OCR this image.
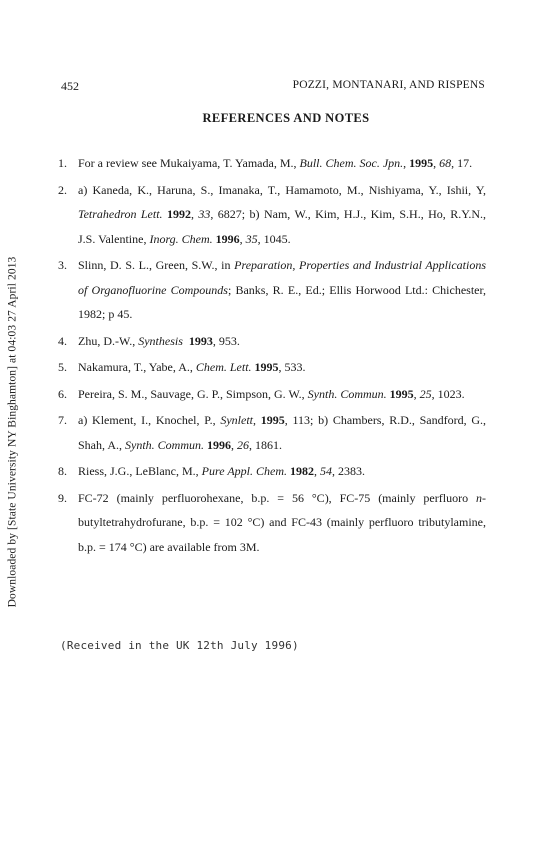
Downloaded by [State University NY Binghamton] at 04:03 27 April 2013
452	POZZI, MONTANARI, AND RISPENS
REFERENCES AND NOTES
1. For a review see Mukaiyama, T. Yamada, M., Bull. Chem. Soc. Jpn., 1995, 68, 17.
2. a) Kaneda, K., Haruna, S., Imanaka, T., Hamamoto, M., Nishiyama, Y., Ishii, Y, Tetrahedron Lett. 1992, 33, 6827; b) Nam, W., Kim, H.J., Kim, S.H., Ho, R.Y.N., J.S. Valentine, Inorg. Chem. 1996, 35, 1045.
3. Slinn, D. S. L., Green, S.W., in Preparation, Properties and Industrial Applications of Organofluorine Compounds; Banks, R. E., Ed.; Ellis Horwood Ltd.: Chichester, 1982; p 45.
4. Zhu, D.-W., Synthesis 1993, 953.
5. Nakamura, T., Yabe, A., Chem. Lett. 1995, 533.
6. Pereira, S. M., Sauvage, G. P., Simpson, G. W., Synth. Commun. 1995, 25, 1023.
7. a) Klement, I., Knochel, P., Synlett, 1995, 113; b) Chambers, R.D., Sandford, G., Shah, A., Synth. Commun. 1996, 26, 1861.
8. Riess, J.G., LeBlanc, M., Pure Appl. Chem. 1982, 54, 2383.
9. FC-72 (mainly perfluorohexane, b.p. = 56 °C), FC-75 (mainly perfluoro n-butyltetrahydrofurane, b.p. = 102 °C) and FC-43 (mainly perfluoro tributylamine, b.p. = 174 °C) are available from 3M.
(Received in the UK 12th July 1996)
